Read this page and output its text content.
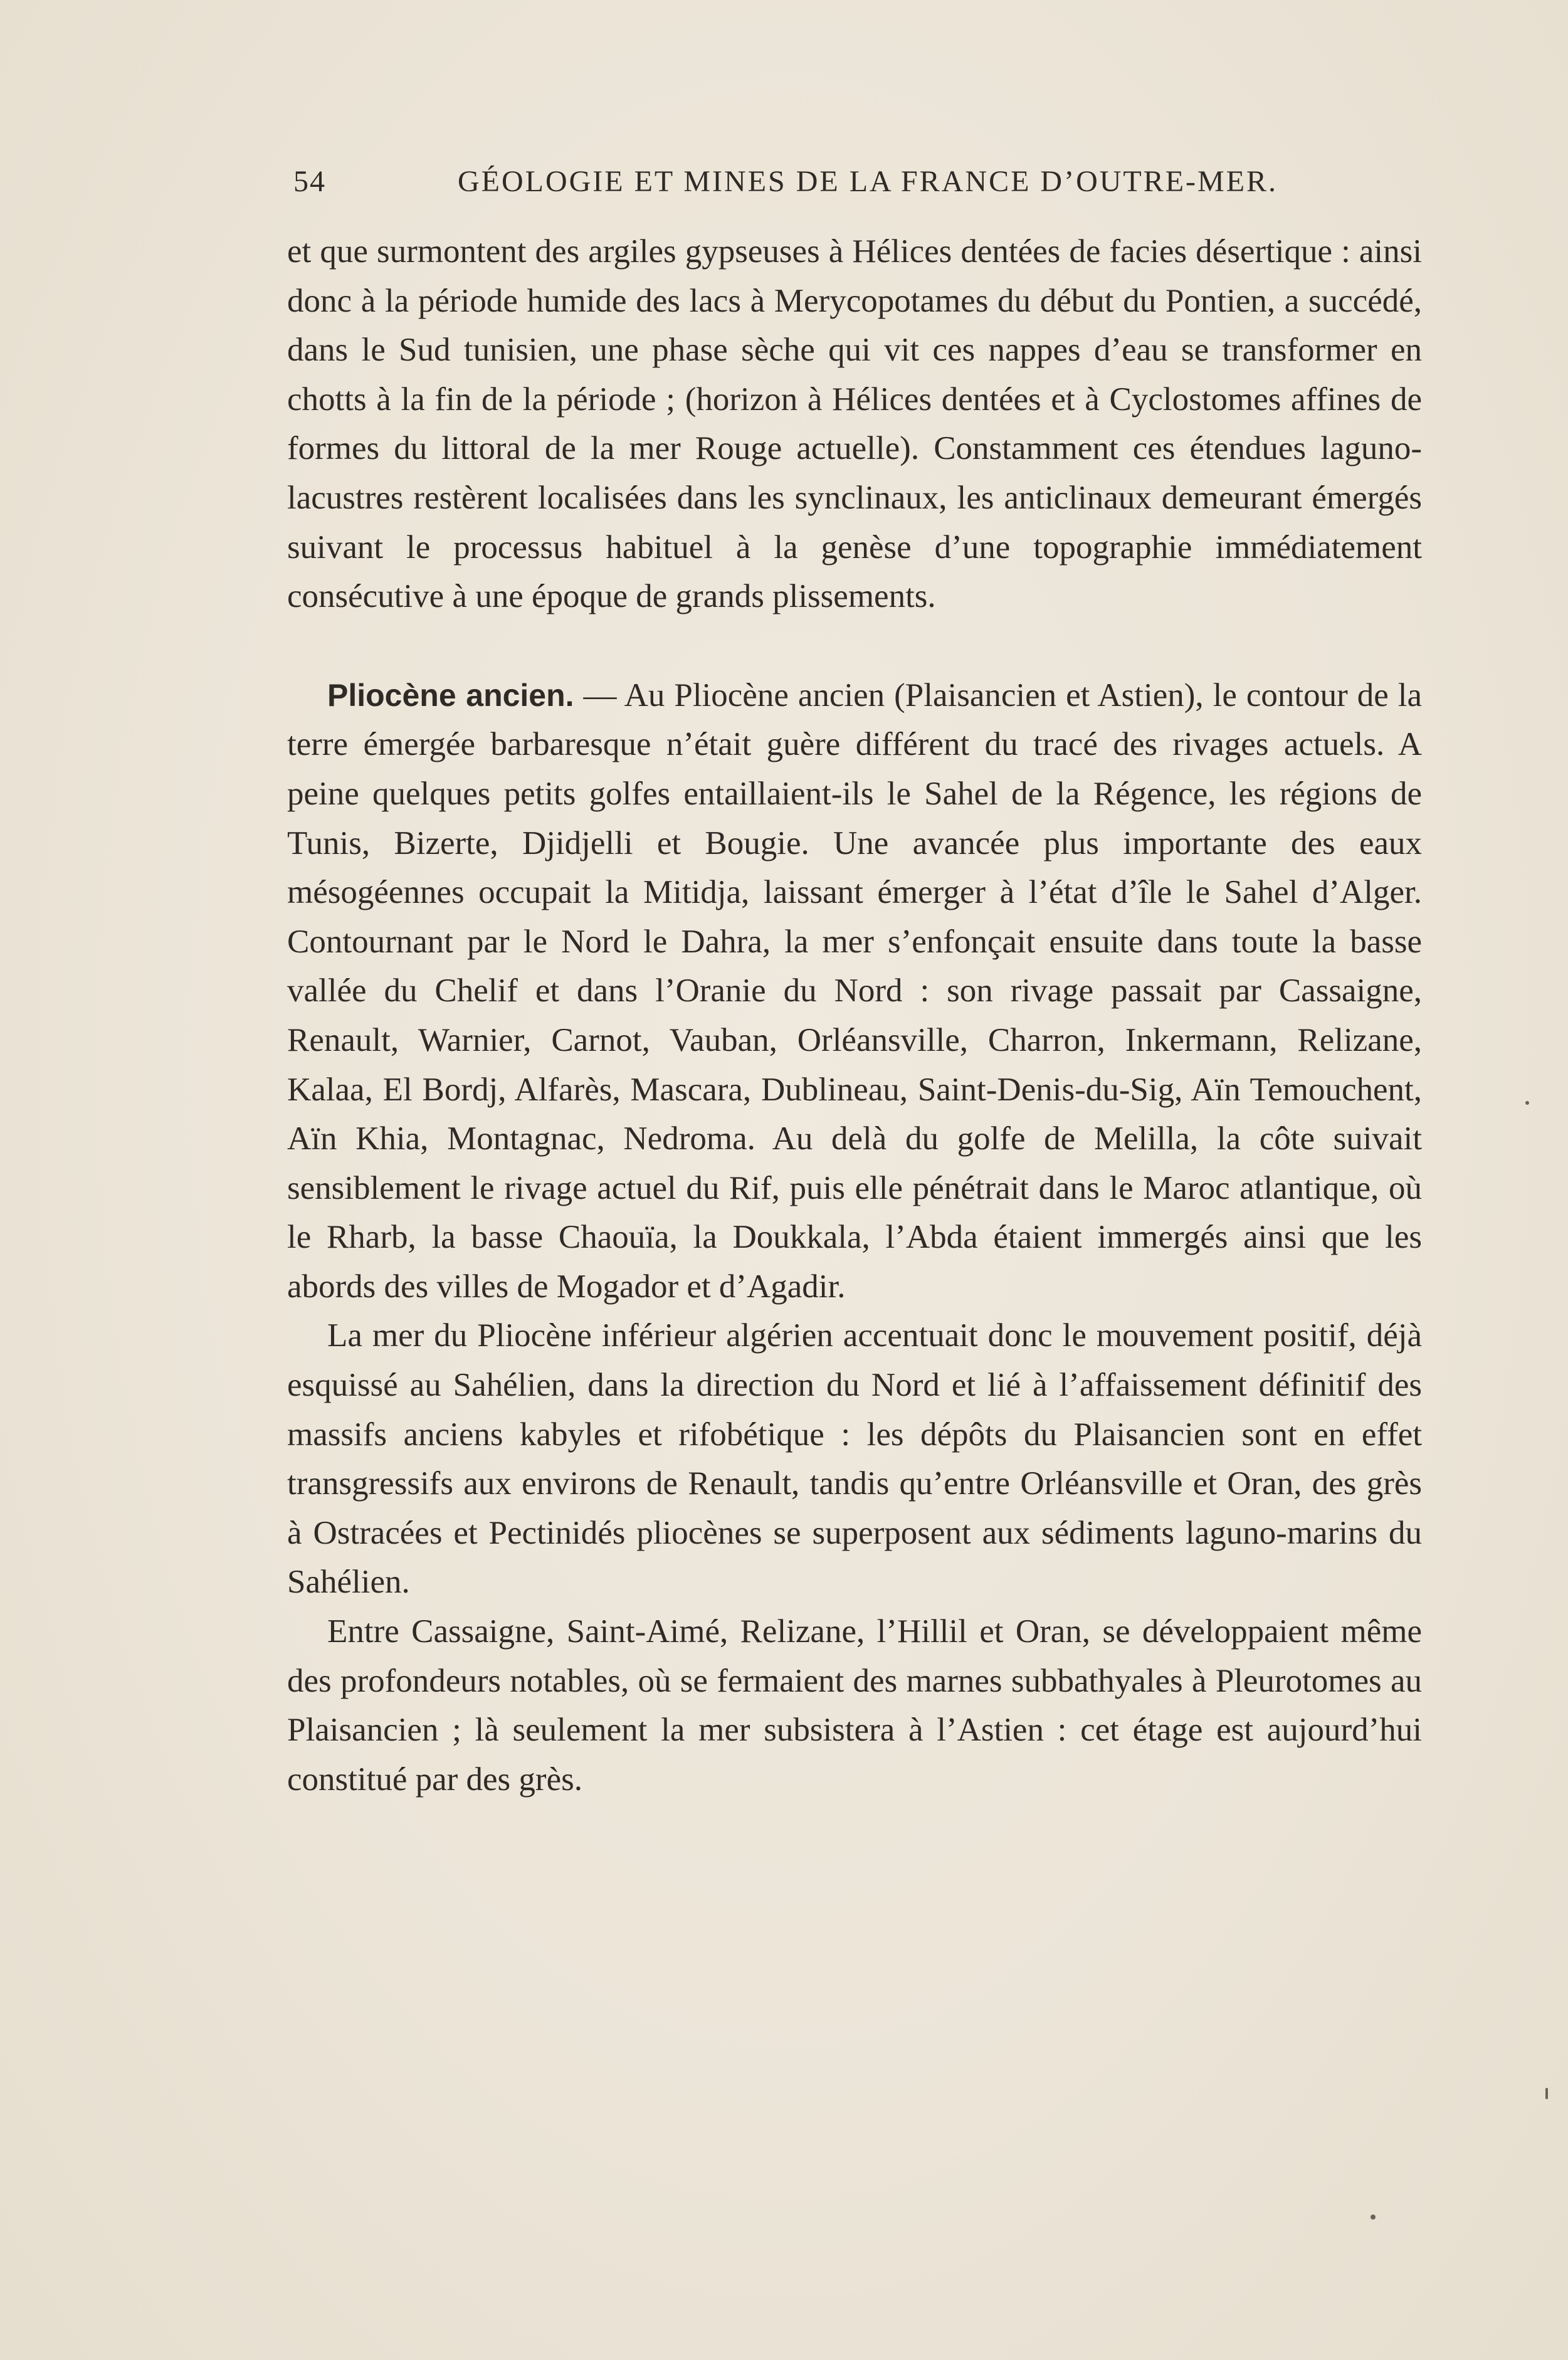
54	GÉOLOGIE ET MINES DE LA FRANCE D’OUTRE-MER.

et que surmontent des argiles gypseuses à Hélices dentées de facies désertique : ainsi donc à la période humide des lacs à Merycopotames du début du Pontien, a succédé, dans le Sud tunisien, une phase sèche qui vit ces nappes d’eau se transformer en chotts à la fin de la période ; (horizon à Hélices dentées et à Cyclostomes affines de formes du littoral de la mer Rouge actuelle). Constamment ces étendues laguno-lacustres restèrent localisées dans les synclinaux, les anticlinaux demeurant émergés suivant le processus habituel à la genèse d’une topographie immédiatement consécutive à une époque de grands plissements.

Pliocène ancien. — Au Pliocène ancien (Plaisancien et Astien), le contour de la terre émergée barbaresque n’était guère différent du tracé des rivages actuels. A peine quelques petits golfes entaillaient-ils le Sahel de la Régence, les régions de Tunis, Bizerte, Djidjelli et Bougie. Une avancée plus importante des eaux mésogéennes occupait la Mitidja, laissant émerger à l’état d’île le Sahel d’Alger. Contournant par le Nord le Dahra, la mer s’enfonçait ensuite dans toute la basse vallée du Chelif et dans l’Oranie du Nord : son rivage passait par Cassaigne, Renault, Warnier, Carnot, Vauban, Orléansville, Charron, Inkermann, Relizane, Kalaa, El Bordj, Alfarès, Mascara, Dublineau, Saint-Denis-du-Sig, Aïn Temouchent, Aïn Khia, Montagnac, Nedroma. Au delà du golfe de Melilla, la côte suivait sensiblement le rivage actuel du Rif, puis elle pénétrait dans le Maroc atlantique, où le Rharb, la basse Chaouïa, la Doukkala, l’Abda étaient immergés ainsi que les abords des villes de Mogador et d’Agadir.

La mer du Pliocène inférieur algérien accentuait donc le mouvement positif, déjà esquissé au Sahélien, dans la direction du Nord et lié à l’affaissement définitif des massifs anciens kabyles et rifobétique : les dépôts du Plaisancien sont en effet transgressifs aux environs de Renault, tandis qu’entre Orléansville et Oran, des grès à Ostracées et Pectinidés pliocènes se superposent aux sédiments laguno-marins du Sahélien.

Entre Cassaigne, Saint-Aimé, Relizane, l’Hillil et Oran, se développaient même des profondeurs notables, où se fermaient des marnes subbathyales à Pleurotomes au Plaisancien ; là seulement la mer subsistera à l’Astien : cet étage est aujourd’hui constitué par des grès.
